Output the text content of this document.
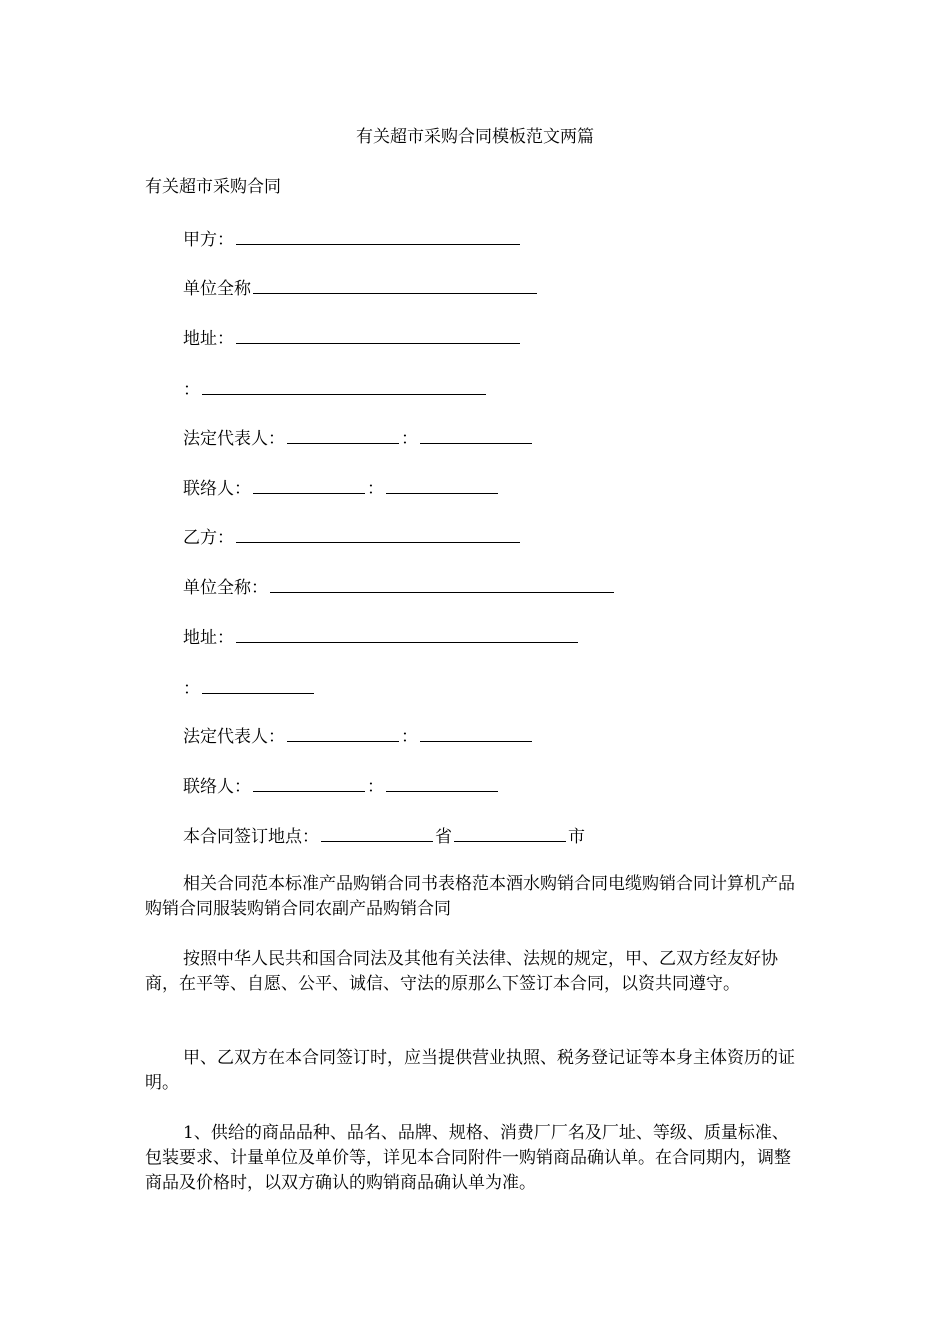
有关超市采购合同模板范文两篇
有关超市采购合同
甲方：
单位全称
地址：
：
法定代表人：	：
联络人：	：
乙方：
单位全称：
地址：
：
法定代表人：	：
联络人：	：
本合同签订地点：	省	市
相关合同范本标准产品购销合同书表格范本酒水购销合同电缆购销合同计算机产品购销合同服装购销合同农副产品购销合同
按照中华人民共和国合同法及其他有关法律、法规的规定，甲、乙双方经友好协商，在平等、自愿、公平、诚信、守法的原那么下签订本合同，以资共同遵守。
甲、乙双方在本合同签订时，应当提供营业执照、税务登记证等本身主体资历的证明。
1、供给的商品品种、品名、品牌、规格、消费厂厂名及厂址、等级、质量标准、包装要求、计量单位及单价等，详见本合同附件一购销商品确认单。在合同期内，调整商品及价格时，以双方确认的购销商品确认单为准。
